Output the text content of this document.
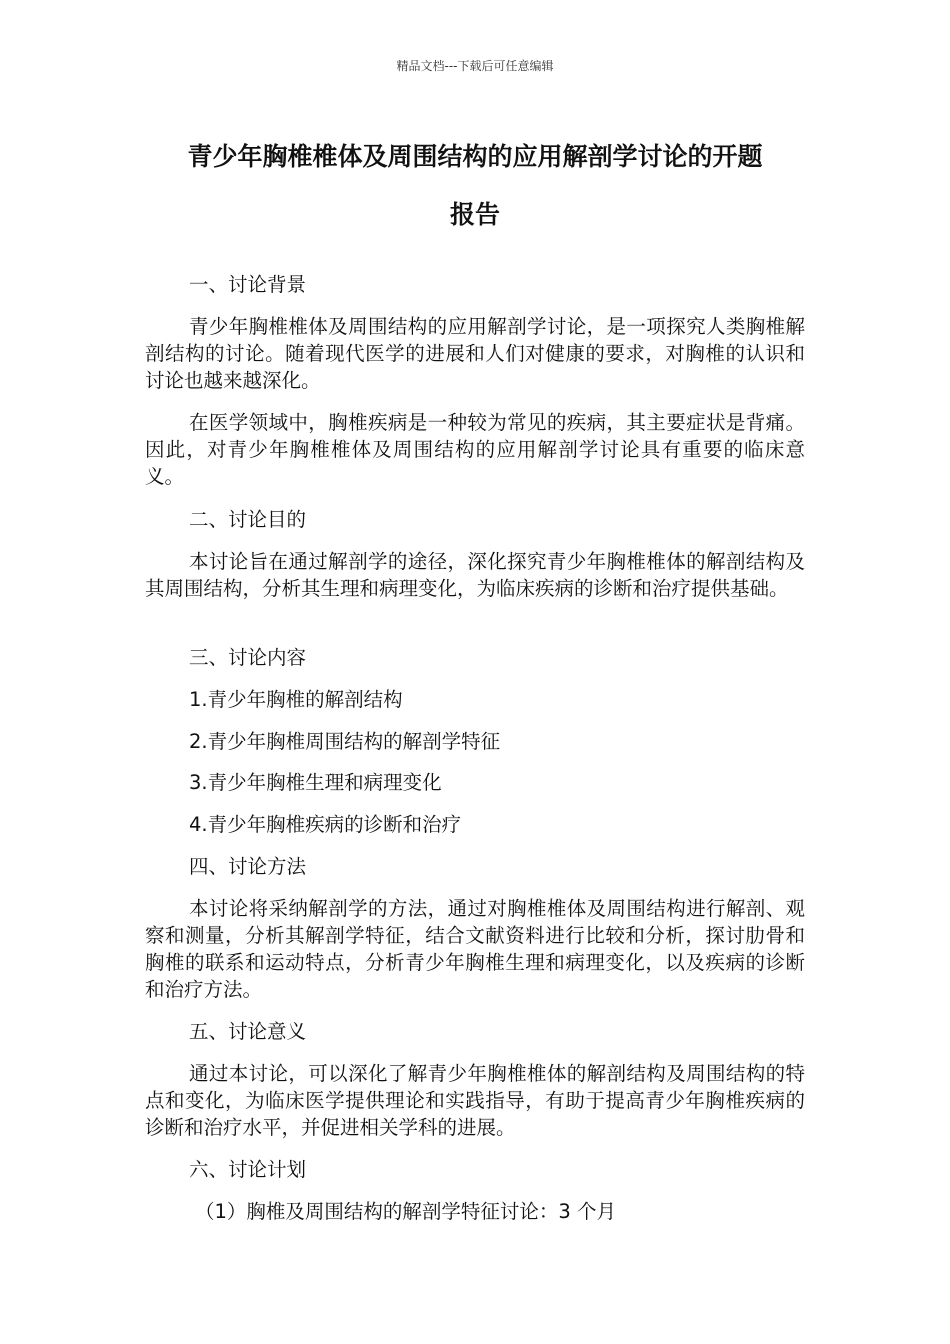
精品文档---下载后可任意编辑
青少年胸椎椎体及周围结构的应用解剖学讨论的开题
报告
一、讨论背景
青少年胸椎椎体及周围结构的应用解剖学讨论，是一项探究人类胸椎解剖结构的讨论。随着现代医学的进展和人们对健康的要求，对胸椎的认识和讨论也越来越深化。
在医学领域中，胸椎疾病是一种较为常见的疾病，其主要症状是背痛。因此，对青少年胸椎椎体及周围结构的应用解剖学讨论具有重要的临床意义。
二、讨论目的
本讨论旨在通过解剖学的途径，深化探究青少年胸椎椎体的解剖结构及其周围结构，分析其生理和病理变化，为临床疾病的诊断和治疗提供基础。
三、讨论内容
1.青少年胸椎的解剖结构
2.青少年胸椎周围结构的解剖学特征
3.青少年胸椎生理和病理变化
4.青少年胸椎疾病的诊断和治疗
四、讨论方法
本讨论将采纳解剖学的方法，通过对胸椎椎体及周围结构进行解剖、观察和测量，分析其解剖学特征，结合文献资料进行比较和分析，探讨肋骨和胸椎的联系和运动特点，分析青少年胸椎生理和病理变化，以及疾病的诊断和治疗方法。
五、讨论意义
通过本讨论，可以深化了解青少年胸椎椎体的解剖结构及周围结构的特点和变化，为临床医学提供理论和实践指导，有助于提高青少年胸椎疾病的诊断和治疗水平，并促进相关学科的进展。
六、讨论计划
（1）胸椎及周围结构的解剖学特征讨论：3 个月
